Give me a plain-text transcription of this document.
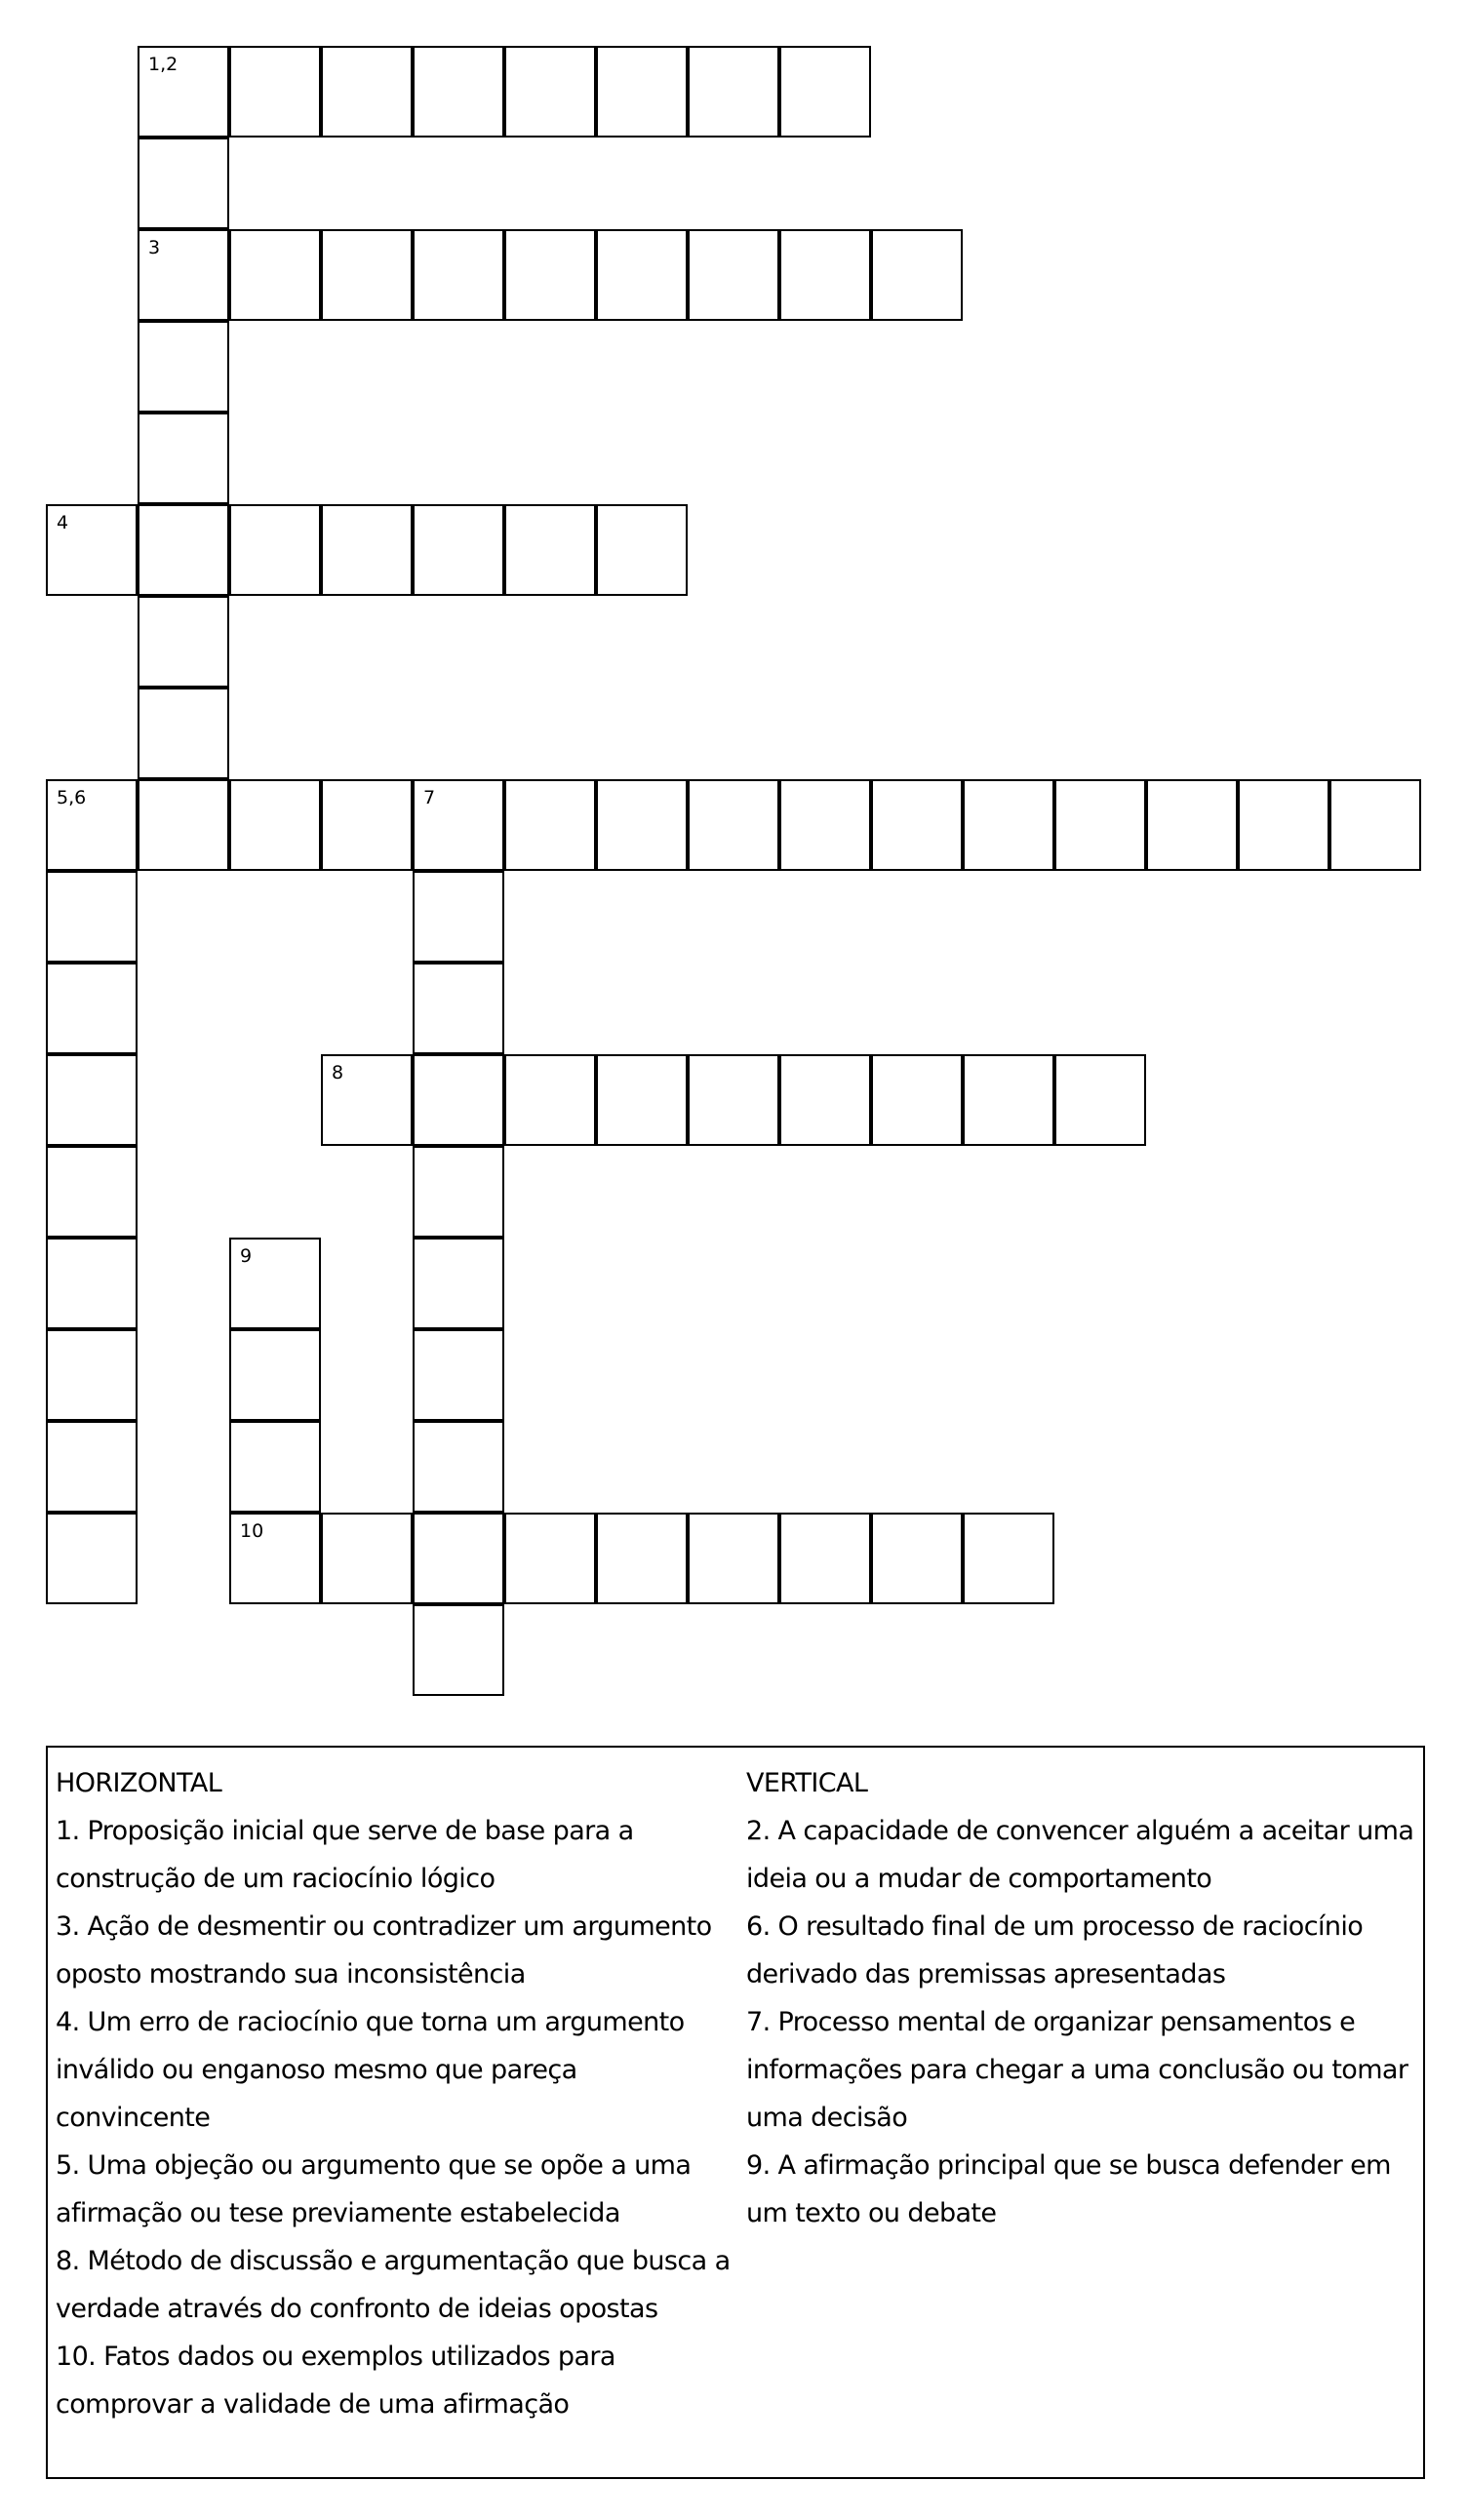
1,2
3
4
5,6	7
8
9
10
HORIZONTAL
1. Proposição inicial que serve de base para a construção de um raciocínio lógico
3. Ação de desmentir ou contradizer um argumento oposto mostrando sua inconsistência
4. Um erro de raciocínio que torna um argumento inválido ou enganoso mesmo que pareça convincente
5. Uma objeção ou argumento que se opõe a uma afirmação ou tese previamente estabelecida
8. Método de discussão e argumentação que busca a verdade através do confronto de ideias opostas
10. Fatos dados ou exemplos utilizados para comprovar a validade de uma afirmação
VERTICAL
2. A capacidade de convencer alguém a aceitar uma ideia ou a mudar de comportamento
6. O resultado final de um processo de raciocínio derivado das premissas apresentadas
7. Processo mental de organizar pensamentos e informações para chegar a uma conclusão ou tomar uma decisão
9. A afirmação principal que se busca defender em um texto ou debate
